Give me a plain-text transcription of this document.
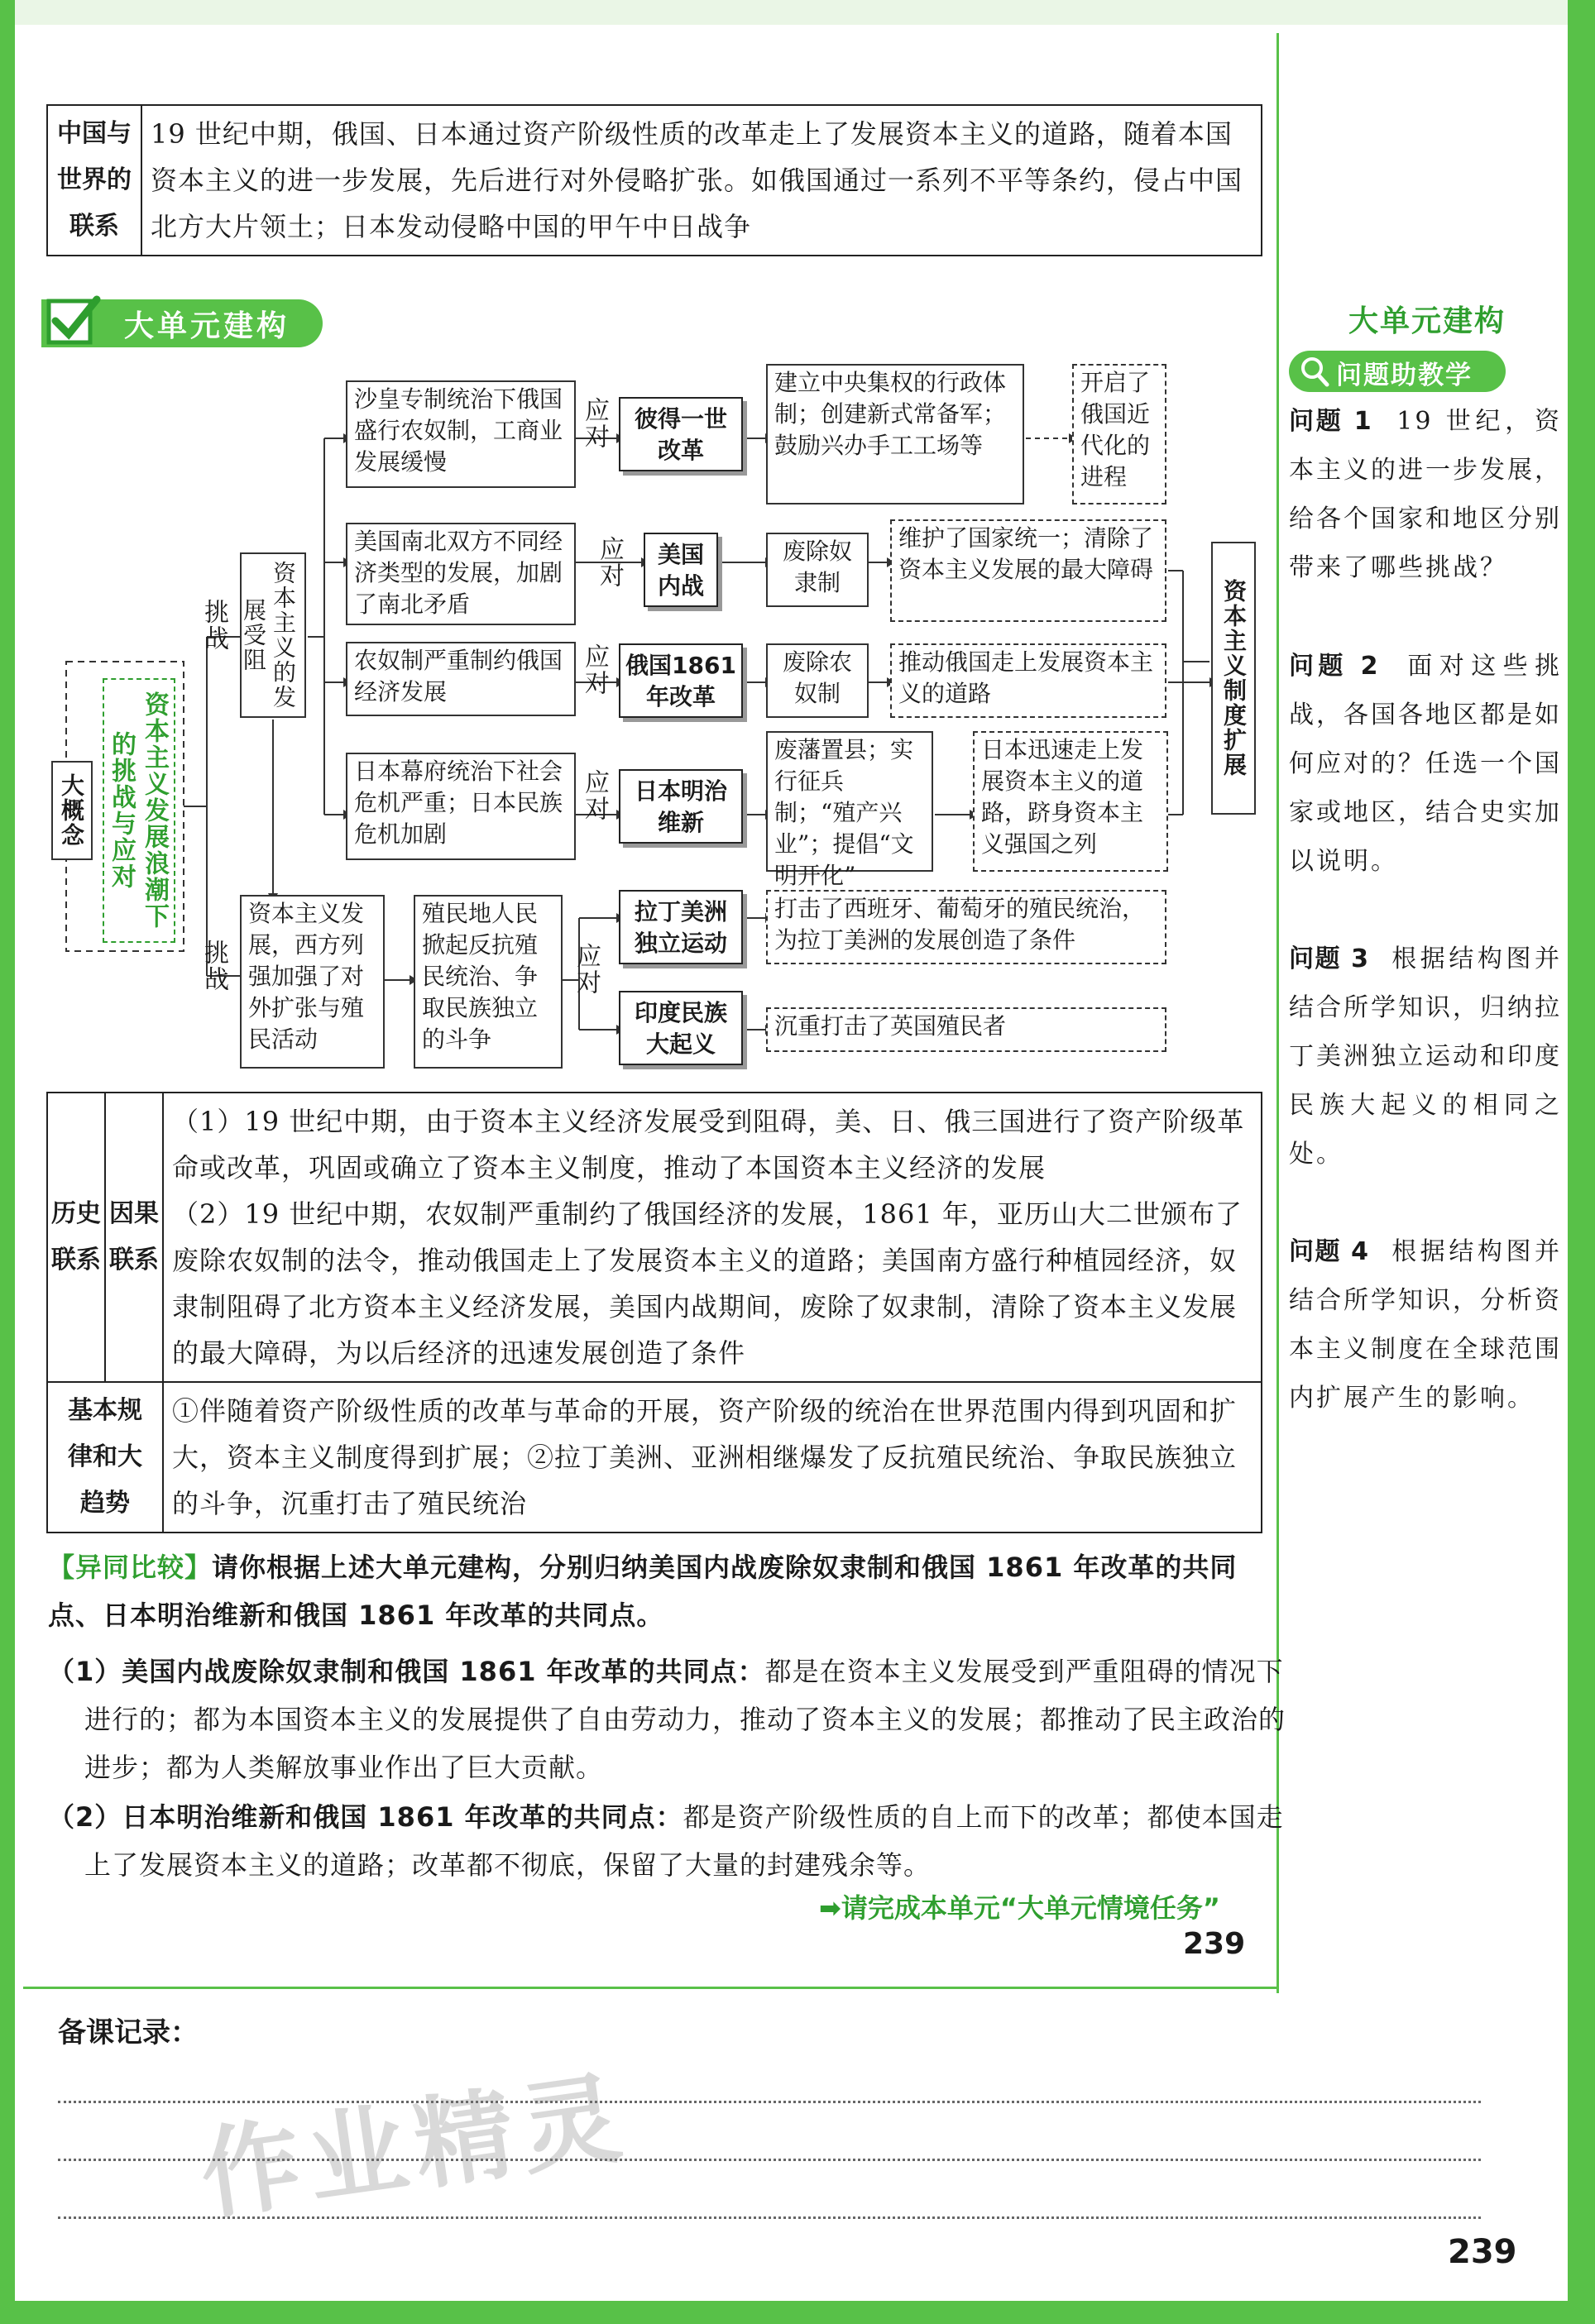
中国与世界的联系	19 世纪中期，俄国、日本通过资产阶级性质的改革走上了发展资本主义的道路，随着本国资本主义的进一步发展，先后进行对外侵略扩张。如俄国通过一系列不平等条约，侵占中国北方大片领土；日本发动侵略中国的甲午中日战争
大单元建构
大概念	资本主义发展浪潮下的挑战与应对
挑战
挑战
资本主义的发展受阻
沙皇专制统治下俄国盛行农奴制，工商业发展缓慢
应对	彼得一世改革
建立中央集权的行政体制；创建新式常备军；鼓励兴办手工工场等
开启了俄国近代化的进程
美国南北双方不同经济类型的发展，加剧了南北矛盾
应对	美国内战
废除奴隶制
维护了国家统一；清除了资本主义发展的最大障碍
农奴制严重制约俄国经济发展	应对 俄国1861年改革
废除农奴制
推动俄国走上发展资本主义的道路
日本幕府统治下社会危机严重；日本民族危机加剧
应对	日本明治维新
废藩置县；实行征兵制；“殖产兴业”；提倡“文明开化”
日本迅速走上发展资本主义的道路，跻身资本主义强国之列
资本主义制度扩展
资本主义发展，西方列强加强了对外扩张与殖民活动
殖民地人民掀起反抗殖民统治、争取民族独立的斗争
应对
拉丁美洲独立运动
印度民族大起义
打击了西班牙、葡萄牙的殖民统治，为拉丁美洲的发展创造了条件
沉重打击了英国殖民者
历史联系	因果联系	（1）19 世纪中期，由于资本主义经济发展受到阻碍，美、日、俄三国进行了资产阶级革命或改革，巩固或确立了资本主义制度，推动了本国资本主义经济的发展
（2）19 世纪中期，农奴制严重制约了俄国经济的发展，1861 年，亚历山大二世颁布了废除农奴制的法令，推动俄国走上了发展资本主义的道路；美国南方盛行种植园经济，奴隶制阻碍了北方资本主义经济发展，美国内战期间，废除了奴隶制，清除了资本主义发展的最大障碍，为以后经济的迅速发展创造了条件

基本规律和大趋势		①伴随着资产阶级性质的改革与革命的开展，资产阶级的统治在世界范围内得到巩固和扩大，资本主义制度得到扩展；②拉丁美洲、亚洲相继爆发了反抗殖民统治、争取民族独立的斗争，沉重打击了殖民统治
【异同比较】请你根据上述大单元建构，分别归纳美国内战废除奴隶制和俄国 1861 年改革的共同点、日本明治维新和俄国 1861 年改革的共同点。
（1）美国内战废除奴隶制和俄国 1861 年改革的共同点：都是在资本主义发展受到严重阻碍的情况下进行的；都为本国资本主义的发展提供了自由劳动力，推动了资本主义的发展；都推动了民主政治的进步；都为人类解放事业作出了巨大贡献。
（2）日本明治维新和俄国 1861 年改革的共同点：都是资产阶级性质的自上而下的改革；都使本国走上了发展资本主义的道路；改革都不彻底，保留了大量的封建残余等。
➡请完成本单元“大单元情境任务”
239
大单元建构
问题助教学
问题 1 19 世纪，资本主义的进一步发展，给各个国家和地区分别带来了哪些挑战？
问题 2 面对这些挑战，各国各地区都是如何应对的？任选一个国家或地区，结合史实加以说明。
问题 3 根据结构图并结合所学知识，归纳拉丁美洲独立运动和印度民族大起义的相同之处。
问题 4 根据结构图并结合所学知识，分析资本主义制度在全球范围内扩展产生的影响。
备课记录：
作业精灵
239
